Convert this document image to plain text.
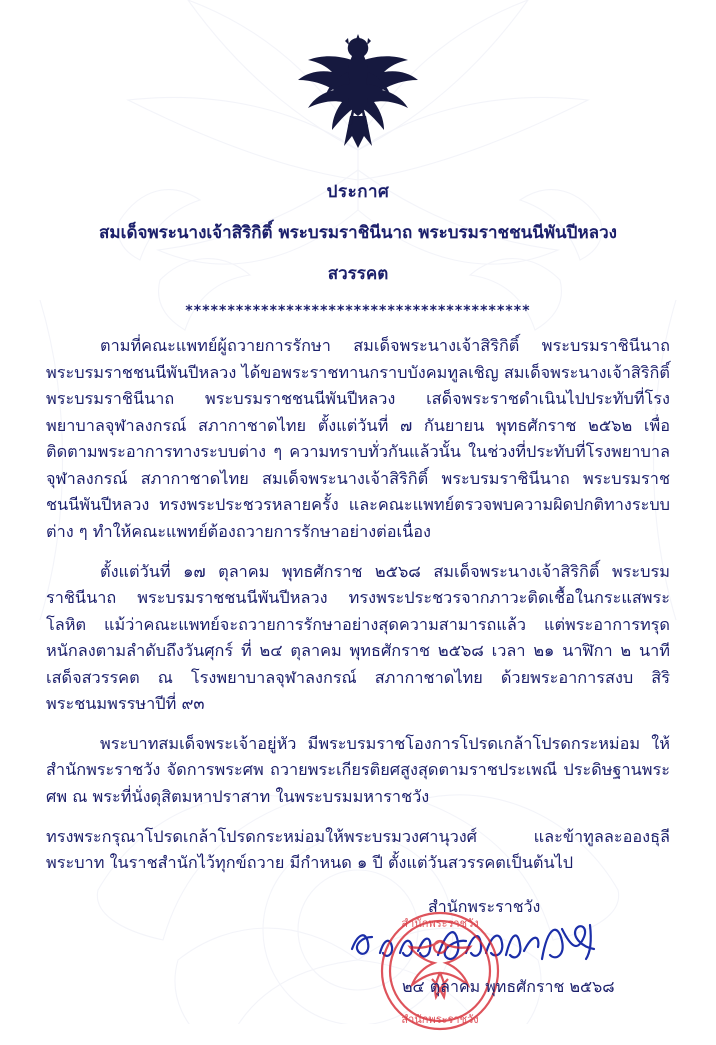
ประกาศ
สมเด็จพระนางเจ้าสิริกิติ์ พระบรมราชินีนาถ พระบรมราชชนนีพันปีหลวง
สวรรคต
*****************************************

ตามที่คณะแพทย์ผู้ถวายการรักษา สมเด็จพระนางเจ้าสิริกิติ์ พระบรมราชินีนาถ พระบรมราชชนนีพันปีหลวง ได้ขอพระราชทานกราบบังคมทูลเชิญ สมเด็จพระนางเจ้าสิริกิติ์ พระบรมราชินีนาถ พระบรมราชชนนีพันปีหลวง เสด็จพระราชดำเนินไปประทับที่โรงพยาบาลจุฬาลงกรณ์ สภากาชาดไทย ตั้งแต่วันที่ ๗ กันยายน พุทธศักราช ๒๕๖๒ เพื่อติดตามพระอาการทางระบบต่าง ๆ ความทราบทั่วกันแล้วนั้น ในช่วงที่ประทับที่โรงพยาบาลจุฬาลงกรณ์ สภากาชาดไทย สมเด็จพระนางเจ้าสิริกิติ์ พระบรมราชินีนาถ พระบรมราชชนนีพันปีหลวง ทรงพระประชวรหลายครั้ง และคณะแพทย์ตรวจพบความผิดปกติทางระบบต่าง ๆ ทำให้คณะแพทย์ต้องถวายการรักษาอย่างต่อเนื่อง

ตั้งแต่วันที่ ๑๗ ตุลาคม พุทธศักราช ๒๕๖๘ สมเด็จพระนางเจ้าสิริกิติ์ พระบรมราชินีนาถ พระบรมราชชนนีพันปีหลวง ทรงพระประชวรจากภาวะติดเชื้อในกระแสพระโลหิต แม้ว่าคณะแพทย์จะถวายการรักษาอย่างสุดความสามารถแล้ว แต่พระอาการทรุดหนักลงตามลำดับถึงวันศุกร์ ที่ ๒๔ ตุลาคม พุทธศักราช ๒๕๖๘ เวลา ๒๑ นาฬิกา ๒ นาที เสด็จสวรรคต ณ โรงพยาบาลจุฬาลงกรณ์ สภากาชาดไทย ด้วยพระอาการสงบ สิริพระชนมพรรษาปีที่ ๙๓

พระบาทสมเด็จพระเจ้าอยู่หัว มีพระบรมราชโองการโปรดเกล้าโปรดกระหม่อม ให้สำนักพระราชวัง จัดการพระศพ ถวายพระเกียรติยศสูงสุดตามราชประเพณี ประดิษฐานพระศพ ณ พระที่นั่งดุสิตมหาปราสาท ในพระบรมมหาราชวัง

ทรงพระกรุณาโปรดเกล้าโปรดกระหม่อมให้พระบรมวงศานุวงศ์ และข้าทูลละอองธุลีพระบาท ในราชสำนักไว้ทุกข์ถวาย มีกำหนด ๑ ปี ตั้งแต่วันสวรรคตเป็นต้นไป

สำนักพระราชวัง
สำนักพระราชวัง
สำนักพระราชวัง
๒๔ ตุลาคม พุทธศักราช ๒๕๖๘
